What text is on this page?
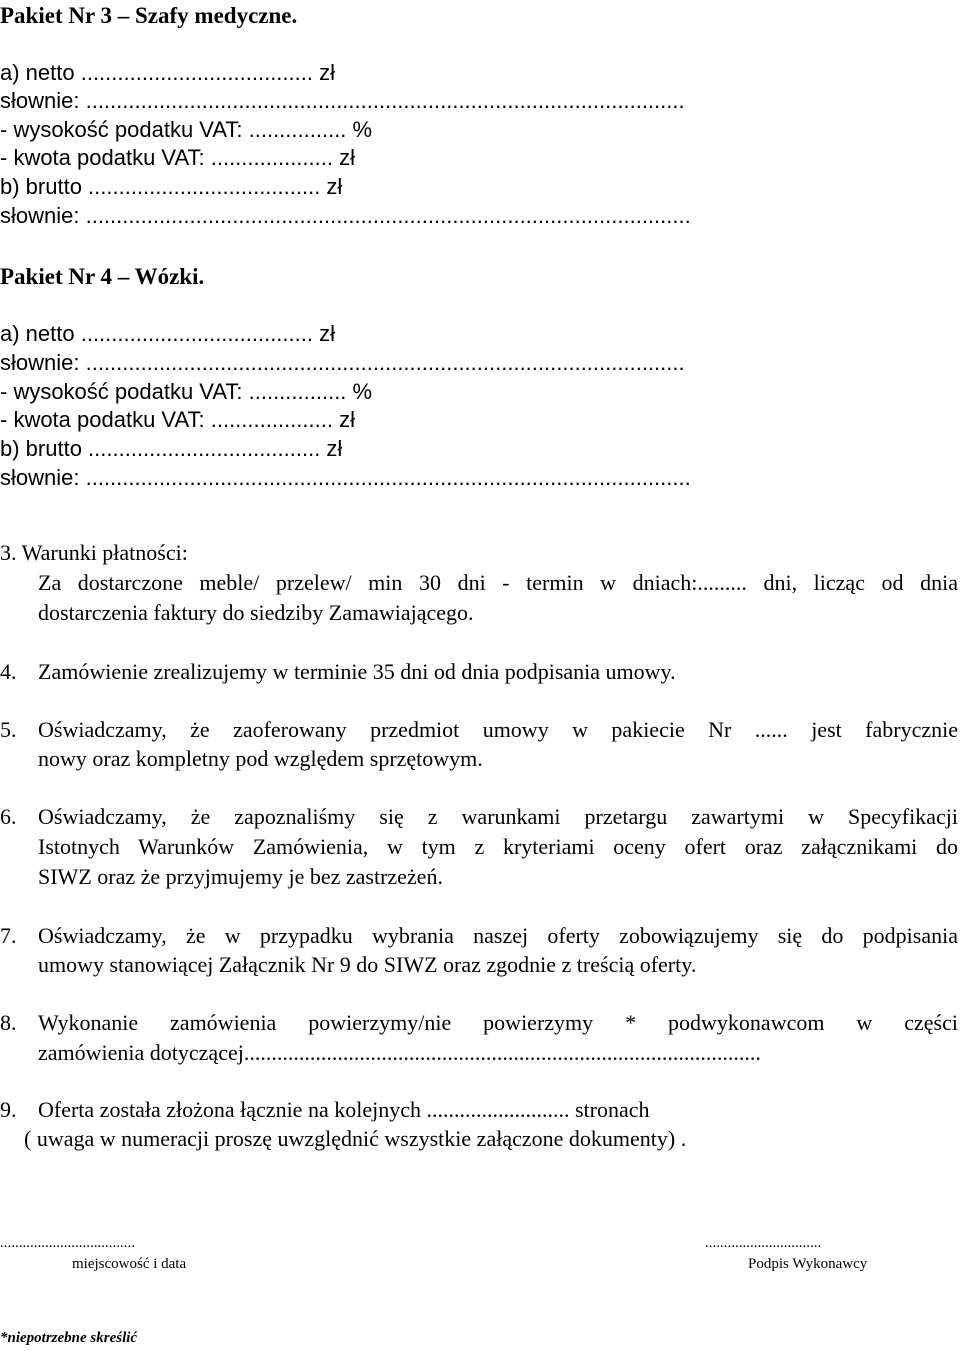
Pakiet Nr 3 – Szafy medyczne.
a) netto ...................................... zł
słownie: ..................................................................................................
- wysokość podatku VAT: ................ %
- kwota podatku VAT: .................... zł
b) brutto ...................................... zł
słownie: ...................................................................................................
Pakiet Nr 4 – Wózki.
a) netto ...................................... zł
słownie: ..................................................................................................
- wysokość podatku VAT: ................ %
- kwota podatku VAT: .................... zł
b) brutto ...................................... zł
słownie: ...................................................................................................
3. Warunki płatności:
Za dostarczone meble/ przelew/ min 30 dni - termin w dniach:......... dni, licząc od dnia
dostarczenia faktury do siedziby Zamawiającego.
4. Zamówienie zrealizujemy w terminie 35 dni od dnia podpisania umowy.
5. Oświadczamy, że zaoferowany przedmiot umowy w pakiecie Nr ...... jest fabrycznie
nowy oraz kompletny pod względem sprzętowym.
6. Oświadczamy, że zapoznaliśmy się z warunkami przetargu zawartymi w Specyfikacji
Istotnych Warunków Zamówienia, w tym z kryteriami oceny ofert oraz załącznikami do
SIWZ oraz że przyjmujemy je bez zastrzeżeń.
7. Oświadczamy, że w przypadku wybrania naszej oferty zobowiązujemy się do podpisania
umowy stanowiącej Załącznik Nr 9 do SIWZ oraz zgodnie z treścią oferty.
8. Wykonanie zamówienia powierzymy/nie powierzymy * podwykonawcom w części
zamówienia dotyczącej..............................................................................................
9. Oferta została złożona łącznie na kolejnych .......................... stronach
( uwaga w numeracji proszę uwzględnić wszystkie załączone dokumenty) .
....................................
miejscowość i data
...............................
Podpis Wykonawcy
*niepotrzebne skreślić
